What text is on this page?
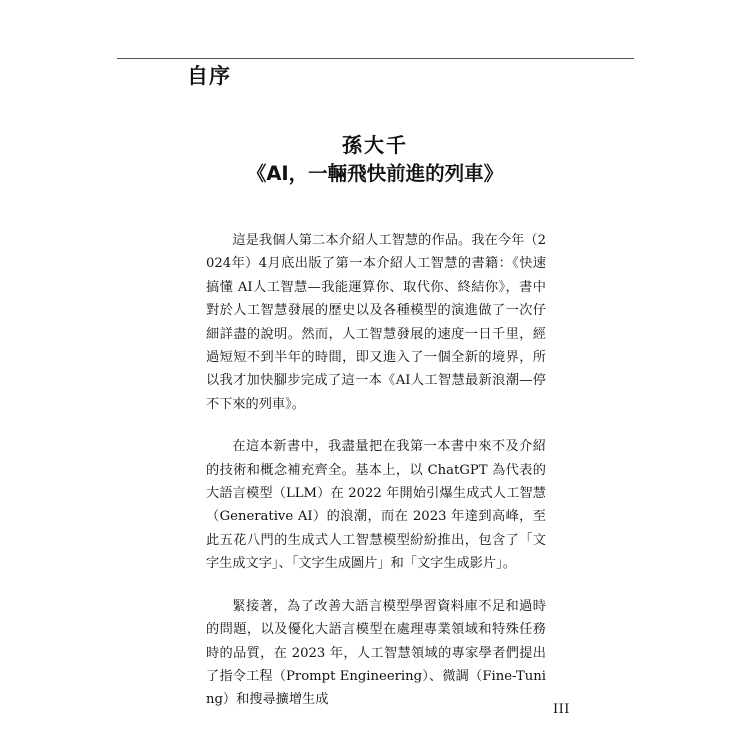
自序
孫大千
《AI，一輛飛快前進的列車》

這是我個人第二本介紹人工智慧的作品。我在今年（2024年）4月底出版了第一本介紹人工智慧的書籍：《快速搞懂 AI人工智慧—我能運算你、取代你、終結你》，書中對於人工智慧發展的歷史以及各種模型的演進做了一次仔細詳盡的說明。然而，人工智慧發展的速度一日千里，經過短短不到半年的時間，即又進入了一個全新的境界，所以我才加快腳步完成了這一本《AI人工智慧最新浪潮—停不下來的列車》。

在這本新書中，我盡量把在我第一本書中來不及介紹的技術和概念補充齊全。基本上，以 ChatGPT 為代表的大語言模型（LLM）在 2022 年開始引爆生成式人工智慧（Generative AI）的浪潮，而在 2023 年達到高峰，至此五花八門的生成式人工智慧模型紛紛推出，包含了「文字生成文字」、「文字生成圖片」和「文字生成影片」。

緊接著，為了改善大語言模型學習資料庫不足和過時的問題，以及優化大語言模型在處理專業領域和特殊任務時的品質，在 2023 年，人工智慧領域的專家學者們提出了指令工程（Prompt Engineering）、微調（Fine-Tuning）和搜尋擴增生成

III
